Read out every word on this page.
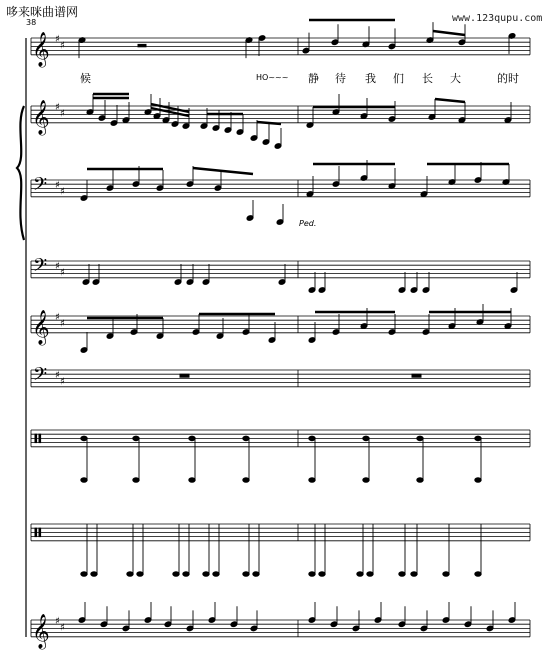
哆来咪曲谱网	www.123qupu.com
38
候	HO~~~ 静 待 我 们 长 大	的时
Ped.
𝄞 ♯
♯
𝄞 ♯
♯
𝄢 ♯
♯
𝄢 ♯
♯
𝄞 ♯
♯
𝄢 ♯
♯
𝄞 ♯
♯
